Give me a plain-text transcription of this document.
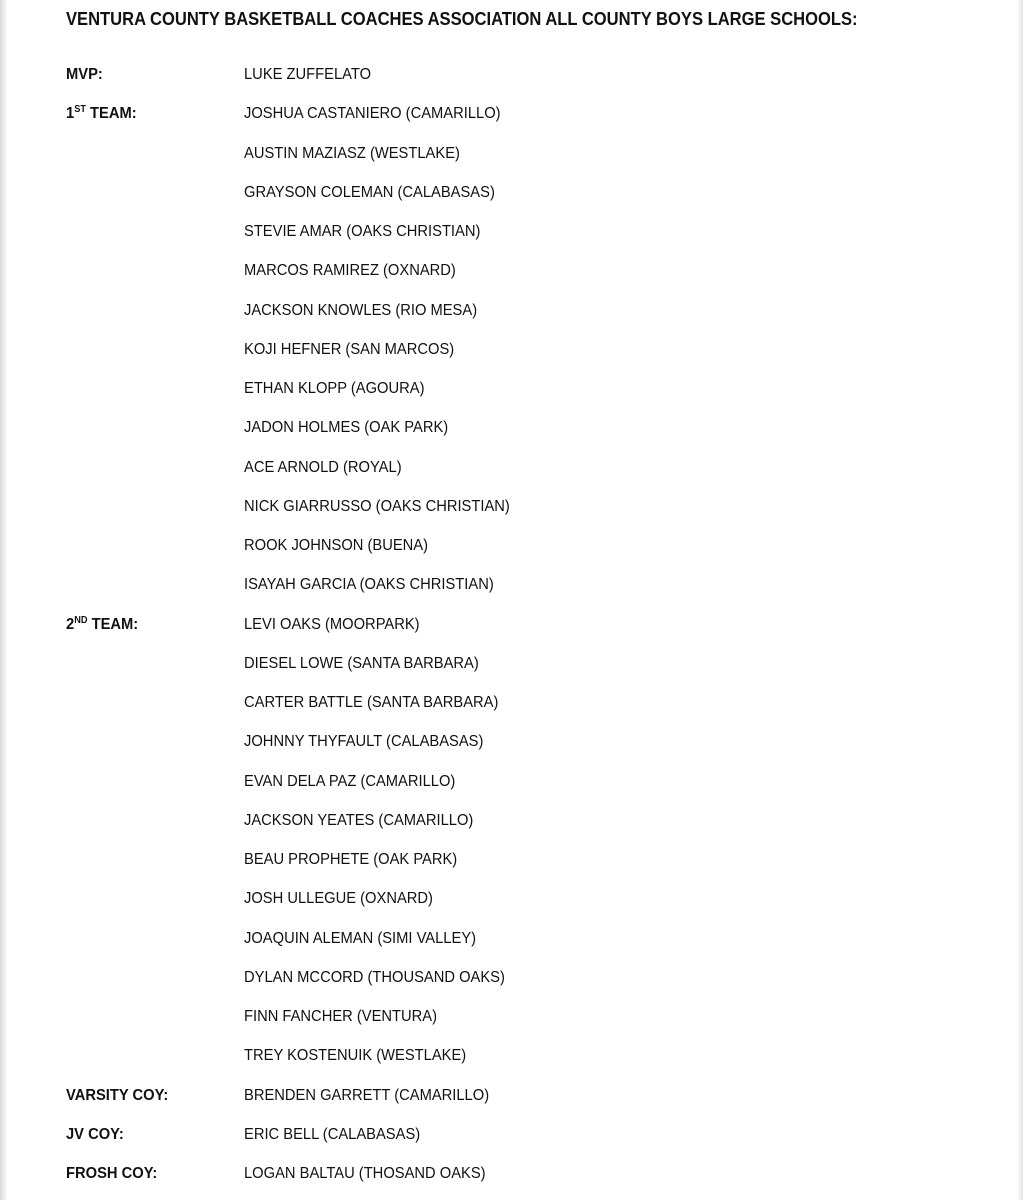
VENTURA COUNTY BASKETBALL COACHES ASSOCIATION ALL COUNTY BOYS LARGE SCHOOLS:
MVP:	LUKE ZUFFELATO
1ST TEAM:	JOSHUA CASTANIERO (CAMARILLO)
AUSTIN MAZIASZ (WESTLAKE)
GRAYSON COLEMAN (CALABASAS)
STEVIE AMAR (OAKS CHRISTIAN)
MARCOS RAMIREZ (OXNARD)
JACKSON KNOWLES (RIO MESA)
KOJI HEFNER (SAN MARCOS)
ETHAN KLOPP (AGOURA)
JADON HOLMES (OAK PARK)
ACE ARNOLD (ROYAL)
NICK GIARRUSSO (OAKS CHRISTIAN)
ROOK JOHNSON (BUENA)
ISAYAH GARCIA (OAKS CHRISTIAN)
2ND TEAM:	LEVI OAKS (MOORPARK)
DIESEL LOWE (SANTA BARBARA)
CARTER BATTLE (SANTA BARBARA)
JOHNNY THYFAULT (CALABASAS)
EVAN DELA PAZ (CAMARILLO)
JACKSON YEATES (CAMARILLO)
BEAU PROPHETE (OAK PARK)
JOSH ULLEGUE (OXNARD)
JOAQUIN ALEMAN (SIMI VALLEY)
DYLAN MCCORD (THOUSAND OAKS)
FINN FANCHER (VENTURA)
TREY KOSTENUIK (WESTLAKE)
VARSITY COY:	BRENDEN GARRETT (CAMARILLO)
JV COY:	ERIC BELL (CALABASAS)
FROSH COY:	LOGAN BALTAU (THOSAND OAKS)
